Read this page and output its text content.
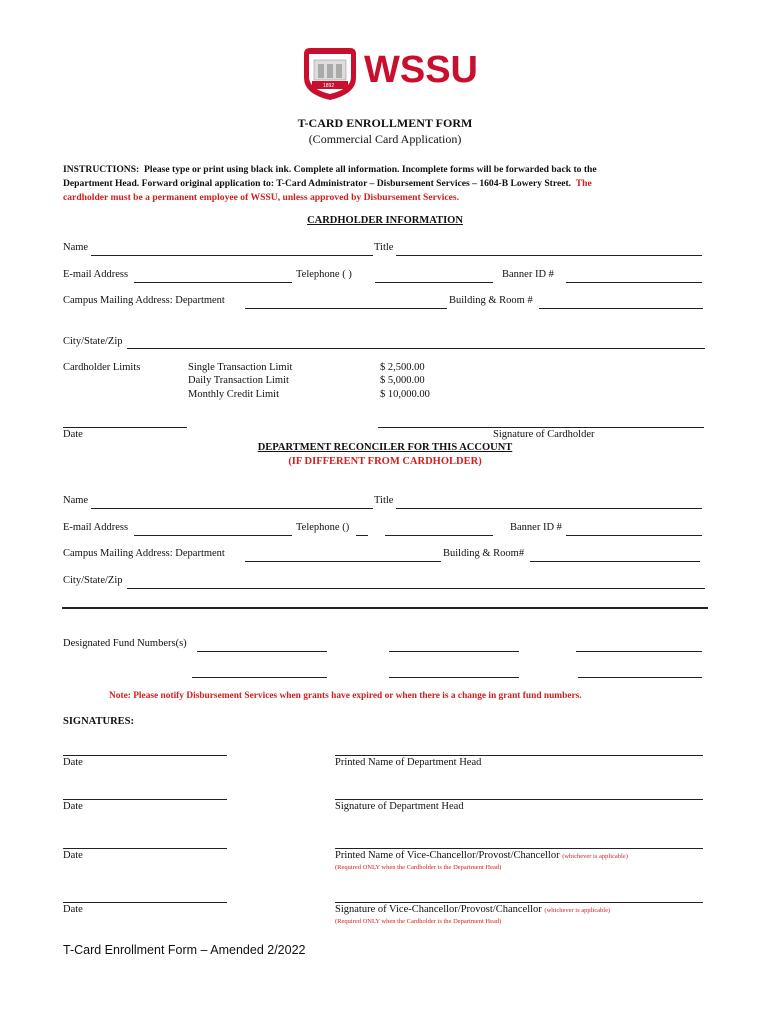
1892 WSSU
T-CARD ENROLLMENT FORM
(Commercial Card Application)
INSTRUCTIONS: Please type or print using black ink. Complete all information. Incomplete forms will be forwarded back to the
Department Head. Forward original application to: T-Card Administrator – Disbursement Services – 1604-B Lowery Street. The
cardholder must be a permanent employee of WSSU, unless approved by Disbursement Services.
CARDHOLDER INFORMATION
Name	Title
E-mail Address	Telephone ( )	Banner ID #
Campus Mailing Address: Department	Building & Room #
City/State/Zip
Cardholder Limits	Single Transaction Limit	$ 2,500.00
Daily Transaction Limit	$ 5,000.00
Monthly Credit Limit	$ 10,000.00
Date	Signature of Cardholder
DEPARTMENT RECONCILER FOR THIS ACCOUNT
(IF DIFFERENT FROM CARDHOLDER)
Name	Title
E-mail Address	Telephone ()	Banner ID #
Campus Mailing Address: Department	Building & Room#
City/State/Zip
Designated Fund Numbers(s)
Note: Please notify Disbursement Services when grants have expired or when there is a change in grant fund numbers.
SIGNATURES:
Date	Printed Name of Department Head
Date	Signature of Department Head
Date	Printed Name of Vice-Chancellor/Provost/Chancellor (whichever is applicable)
(Required ONLY when the Cardholder is the Department Head)
Date	Signature of Vice-Chancellor/Provost/Chancellor (whichever is applicable)
(Required ONLY when the Cardholder is the Department Head)
T-Card Enrollment Form – Amended 2/2022
